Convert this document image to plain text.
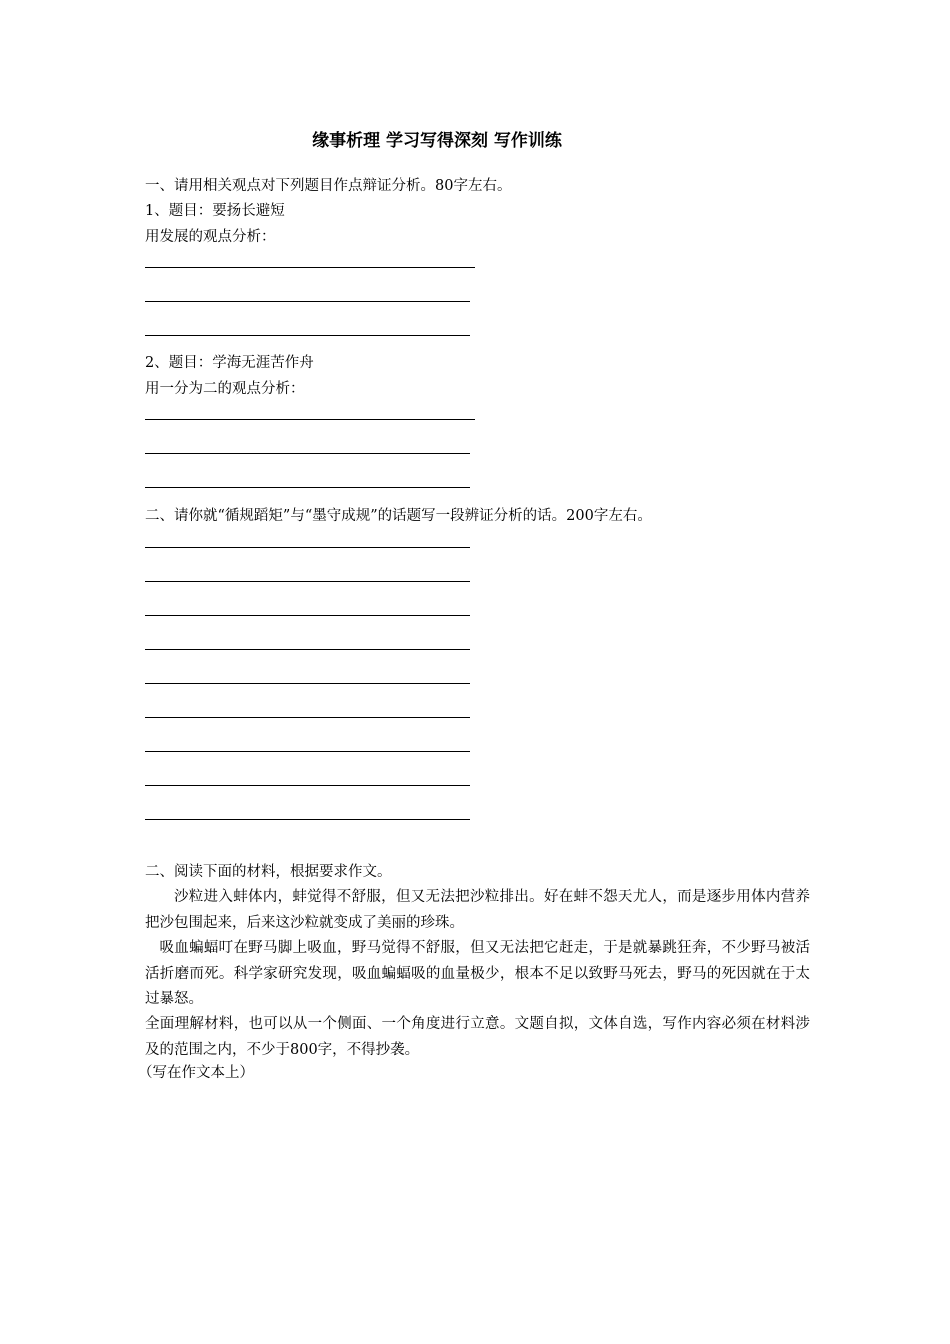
缘事析理 学习写得深刻 写作训练
一、请用相关观点对下列题目作点辩证分析。80字左右。
1、题目：要扬长避短
用发展的观点分析：
2、题目：学海无涯苦作舟
用一分为二的观点分析：
二、请你就“循规蹈矩”与“墨守成规”的话题写一段辨证分析的话。200字左右。
二、阅读下面的材料，根据要求作文。
沙粒进入蚌体内，蚌觉得不舒服，但又无法把沙粒排出。好在蚌不怨天尤人，而是逐步用体内营养把沙包围起来，后来这沙粒就变成了美丽的珍珠。
吸血蝙蝠叮在野马脚上吸血，野马觉得不舒服，但又无法把它赶走，于是就暴跳狂奔，不少野马被活活折磨而死。科学家研究发现，吸血蝙蝠吸的血量极少，根本不足以致野马死去，野马的死因就在于太过暴怒。
全面理解材料，也可以从一个侧面、一个角度进行立意。文题自拟，文体自选，写作内容必须在材料涉及的范围之内，不少于800字，不得抄袭。
（写在作文本上）
